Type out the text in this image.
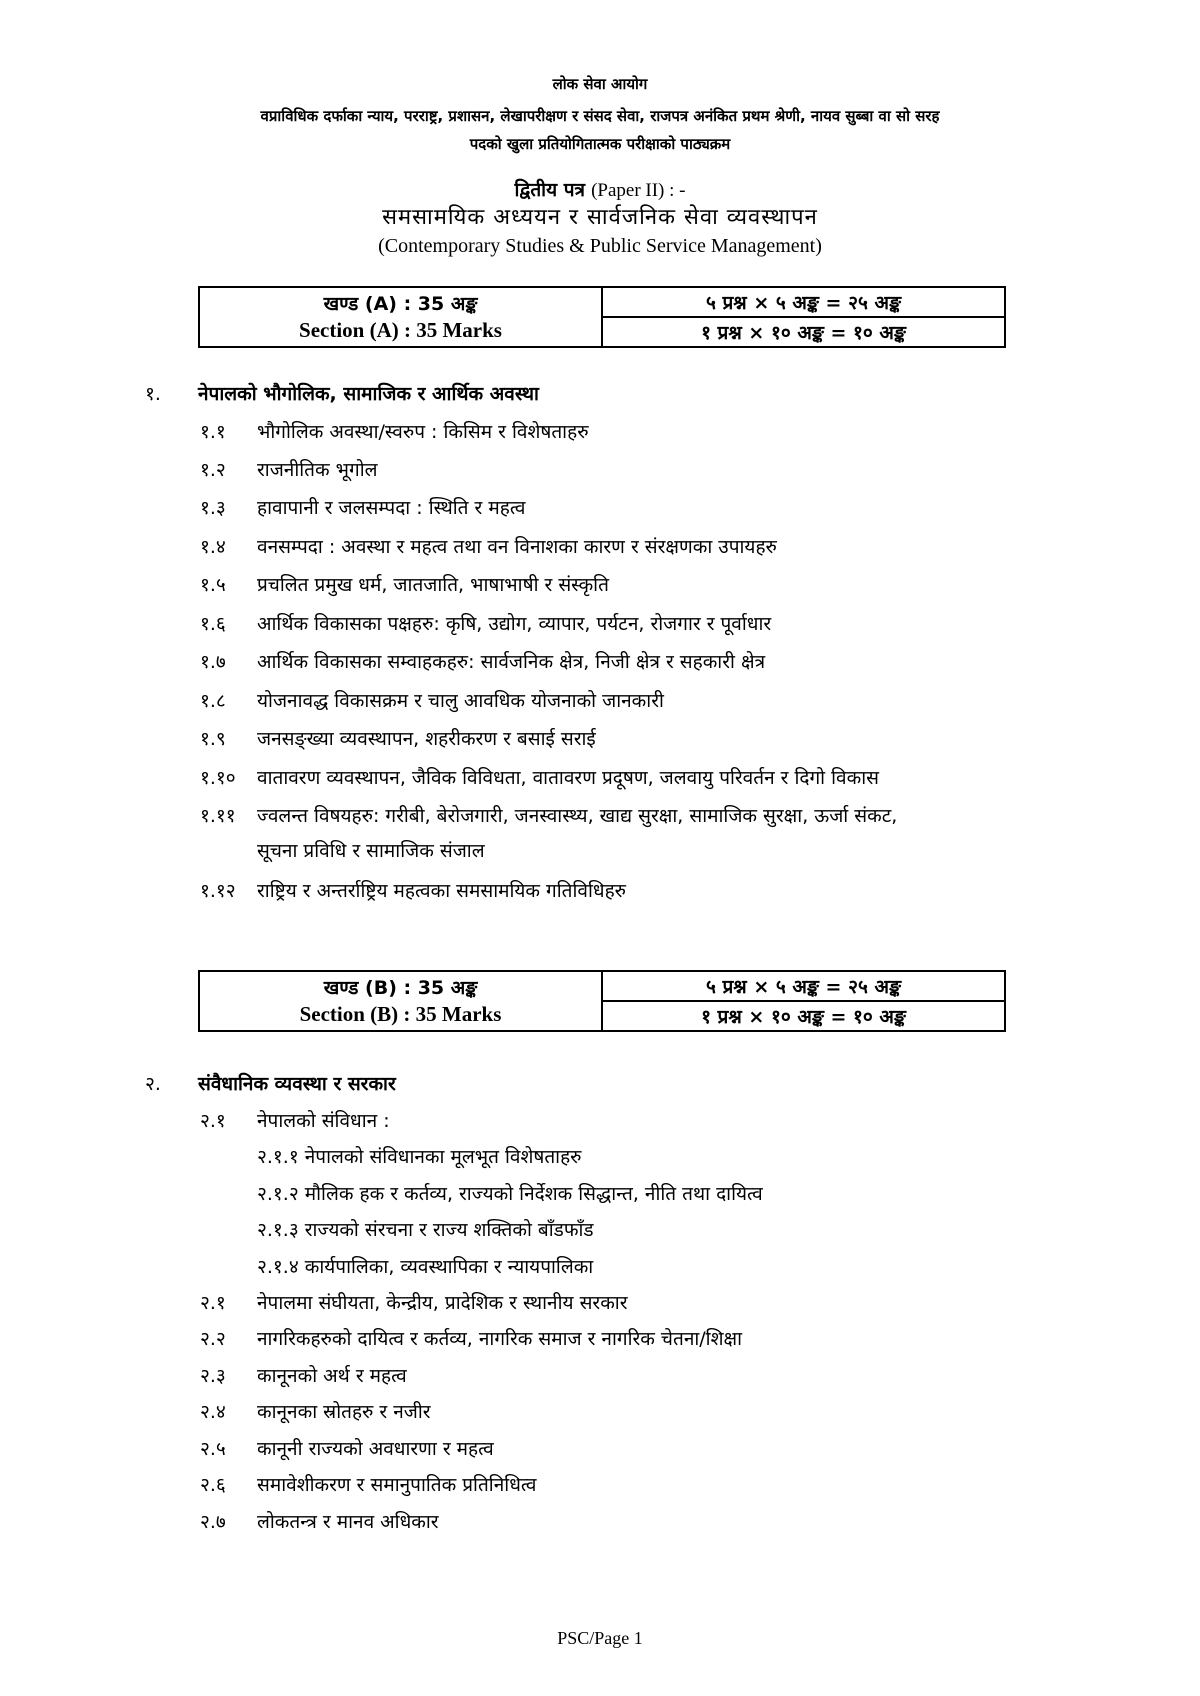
लोक सेवा आयोग
वप्राविधिक दर्फाका न्याय, परराष्ट्र, प्रशासन, लेखापरीक्षण र संसद सेवा, राजपत्र अनंकित प्रथम श्रेणी, नायव सुब्बा वा सो सरह
पदको खुला प्रतियोगितात्मक परीक्षाको पाठ्यक्रम
द्वितीय पत्र (Paper II) : -
समसामयिक अध्ययन र सार्वजनिक सेवा व्यवस्थापन
(Contemporary Studies & Public Service Management)
खण्ड (A) : 35 अङ्क
Section (A) : 35 Marks
	५ प्रश्न × ५ अङ्क = २५ अङ्क
१ प्रश्न × १० अङ्क = १० अङ्क
१. नेपालको भौगोलिक, सामाजिक र आर्थिक अवस्था
१.१ भौगोलिक अवस्था/स्वरुप : किसिम र विशेषताहरु
१.२ राजनीतिक भूगोल
१.३ हावापानी र जलसम्पदा : स्थिति र महत्व
१.४ वनसम्पदा : अवस्था र महत्व तथा वन विनाशका कारण र संरक्षणका उपायहरु
१.५ प्रचलित प्रमुख धर्म, जातजाति, भाषाभाषी र संस्कृति
१.६ आर्थिक विकासका पक्षहरु: कृषि, उद्योग, व्यापार, पर्यटन, रोजगार र पूर्वाधार
१.७ आर्थिक विकासका सम्वाहकहरु: सार्वजनिक क्षेत्र, निजी क्षेत्र र सहकारी क्षेत्र
१.८ योजनावद्ध विकासक्रम र चालु आवधिक योजनाको जानकारी
१.९ जनसङ्ख्या व्यवस्थापन, शहरीकरण र बसाई सराई
१.१० वातावरण व्यवस्थापन, जैविक विविधता, वातावरण प्रदूषण, जलवायु परिवर्तन र दिगो विकास
१.११ ज्वलन्त विषयहरु: गरीबी, बेरोजगारी, जनस्वास्थ्य, खाद्य सुरक्षा, सामाजिक सुरक्षा, ऊर्जा संकट,
सूचना प्रविधि र सामाजिक संजाल
१.१२ राष्ट्रिय र अन्तर्राष्ट्रिय महत्वका समसामयिक गतिविधिहरु
खण्ड (B) : 35 अङ्क
Section (B) : 35 Marks
	५ प्रश्न × ५ अङ्क = २५ अङ्क
१ प्रश्न × १० अङ्क = १० अङ्क
२. संवैधानिक व्यवस्था र सरकार
२.१ नेपालको संविधान :
२.१.१ नेपालको संविधानका मूलभूत विशेषताहरु
२.१.२ मौलिक हक र कर्तव्य, राज्यको निर्देशक सिद्धान्त, नीति तथा दायित्व
२.१.३ राज्यको संरचना र राज्य शक्तिको बाँडफाँड
२.१.४ कार्यपालिका, व्यवस्थापिका र न्यायपालिका
२.१ नेपालमा संघीयता, केन्द्रीय, प्रादेशिक र स्थानीय सरकार
२.२ नागरिकहरुको दायित्व र कर्तव्य, नागरिक समाज र नागरिक चेतना/शिक्षा
२.३ कानूनको अर्थ र महत्व
२.४ कानूनका स्रोतहरु र नजीर
२.५ कानूनी राज्यको अवधारणा र महत्व
२.६ समावेशीकरण र समानुपातिक प्रतिनिधित्व
२.७ लोकतन्त्र र मानव अधिकार
PSC/Page 1
